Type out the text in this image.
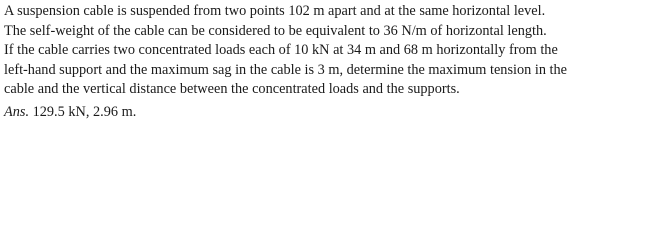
A suspension cable is suspended from two points 102 m apart and at the same horizontal level.
The self-weight of the cable can be considered to be equivalent to 36 N/m of horizontal length.
If the cable carries two concentrated loads each of 10 kN at 34 m and 68 m horizontally from the
left-hand support and the maximum sag in the cable is 3 m, determine the maximum tension in the
cable and the vertical distance between the concentrated loads and the supports.
Ans. 129.5 kN, 2.96 m.
